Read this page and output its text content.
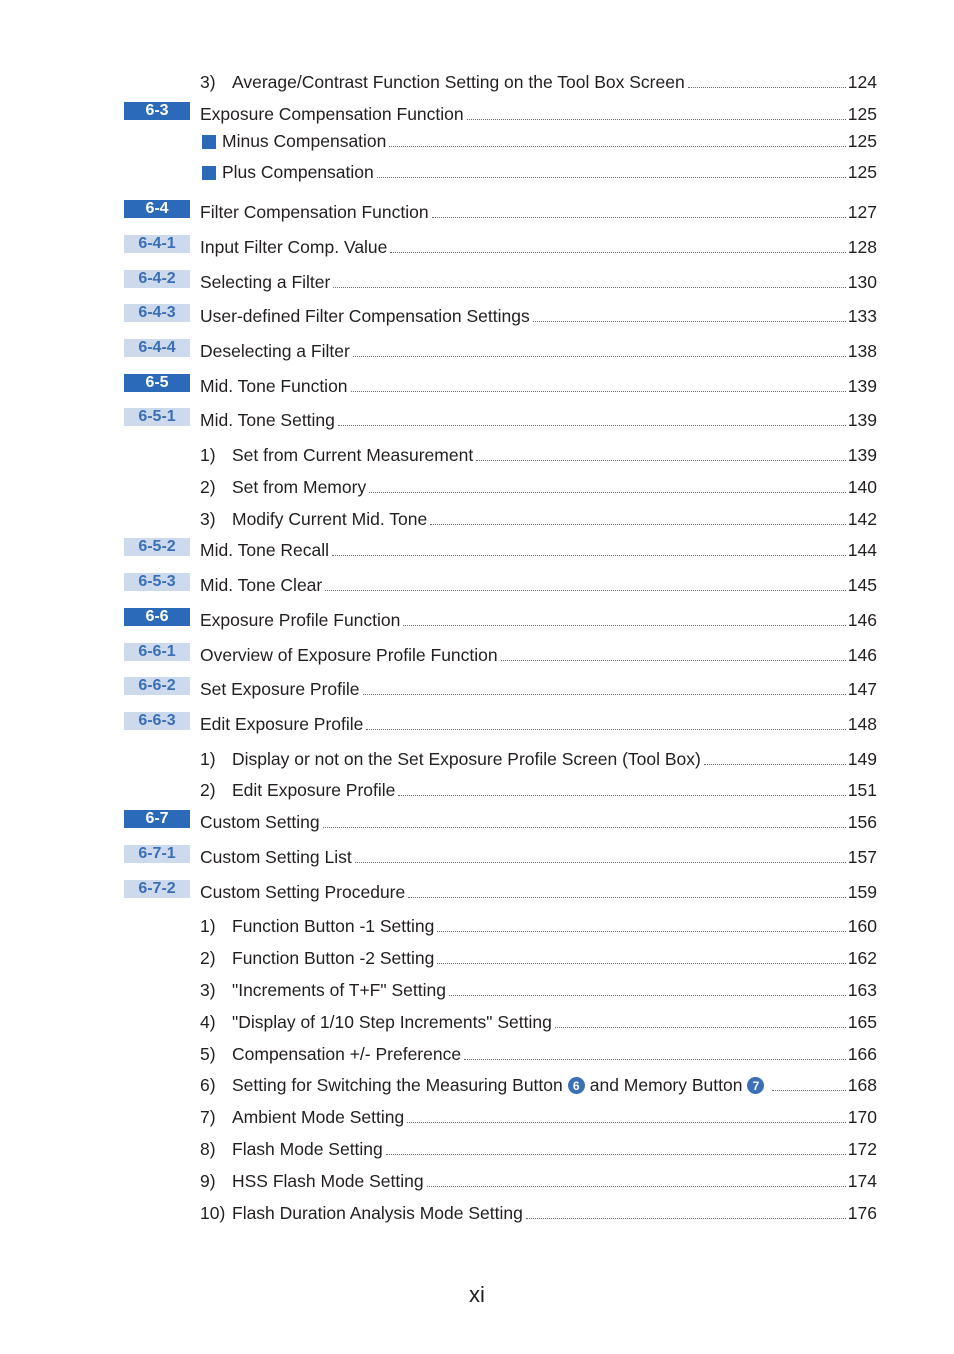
3) Average/Contrast Function Setting on the Tool Box Screen	124
6-3	Exposure Compensation Function	125
Minus Compensation	125
Plus Compensation	125
6-4	Filter Compensation Function	127
6-4-1	Input Filter Comp. Value	128
6-4-2	Selecting a Filter	130
6-4-3	User-defined Filter Compensation Settings	133
6-4-4	Deselecting a Filter	138
6-5	Mid. Tone Function	139
6-5-1	Mid. Tone Setting	139
1) Set from Current Measurement	139
2) Set from Memory	140
3) Modify Current Mid. Tone	142
6-5-2	Mid. Tone Recall	144
6-5-3	Mid. Tone Clear	145
6-6	Exposure Profile Function	146
6-6-1	Overview of Exposure Profile Function	146
6-6-2	Set Exposure Profile	147
6-6-3	Edit Exposure Profile	148
1) Display or not on the Set Exposure Profile Screen (Tool Box)	149
2) Edit Exposure Profile	151
6-7	Custom Setting	156
6-7-1	Custom Setting List	157
6-7-2	Custom Setting Procedure	159
1) Function Button -1 Setting	160
2) Function Button -2 Setting	162
3) "Increments of T+F" Setting	163
4) "Display of 1/10 Step Increments" Setting	165
5) Compensation +/- Preference	166
6) Setting for Switching the Measuring Button 6 and Memory Button 7	168
7) Ambient Mode Setting	170
8) Flash Mode Setting	172
9) HSS Flash Mode Setting	174
10) Flash Duration Analysis Mode Setting	176
xi
